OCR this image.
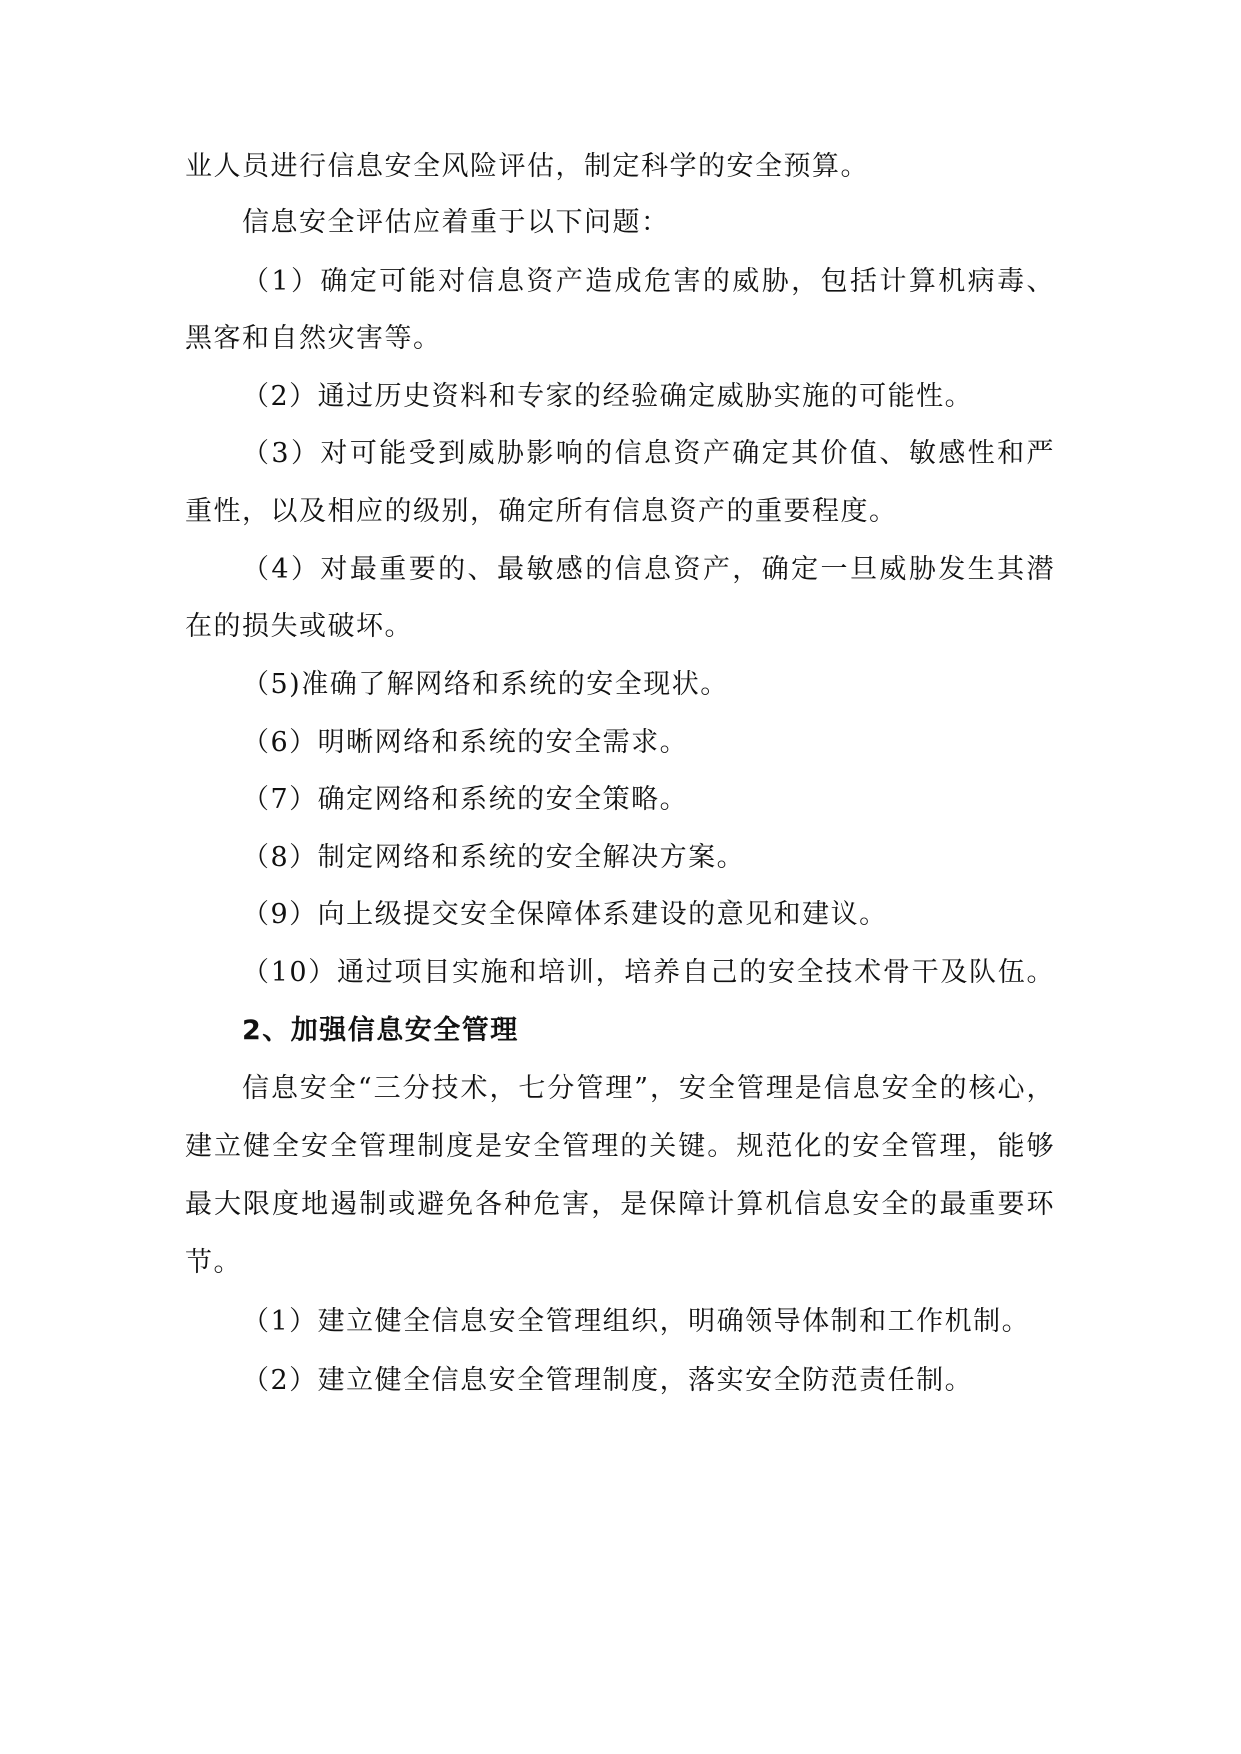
业人员进行信息安全风险评估，制定科学的安全预算。
信息安全评估应着重于以下问题：
（1）确定可能对信息资产造成危害的威胁，包括计算机病毒、
黑客和自然灾害等。
（2）通过历史资料和专家的经验确定威胁实施的可能性。
（3）对可能受到威胁影响的信息资产确定其价值、敏感性和严
重性，以及相应的级别，确定所有信息资产的重要程度。
（4）对最重要的、最敏感的信息资产，确定一旦威胁发生其潜
在的损失或破坏。
（5)准确了解网络和系统的安全现状。
（6）明晰网络和系统的安全需求。
（7）确定网络和系统的安全策略。
（8）制定网络和系统的安全解决方案。
（9）向上级提交安全保障体系建设的意见和建议。
（10）通过项目实施和培训，培养自己的安全技术骨干及队伍。
2、加强信息安全管理
信息安全“三分技术，七分管理”，安全管理是信息安全的核心，
建立健全安全管理制度是安全管理的关键。规范化的安全管理，能够
最大限度地遏制或避免各种危害，是保障计算机信息安全的最重要环
节。
（1）建立健全信息安全管理组织，明确领导体制和工作机制。
（2）建立健全信息安全管理制度，落实安全防范责任制。
